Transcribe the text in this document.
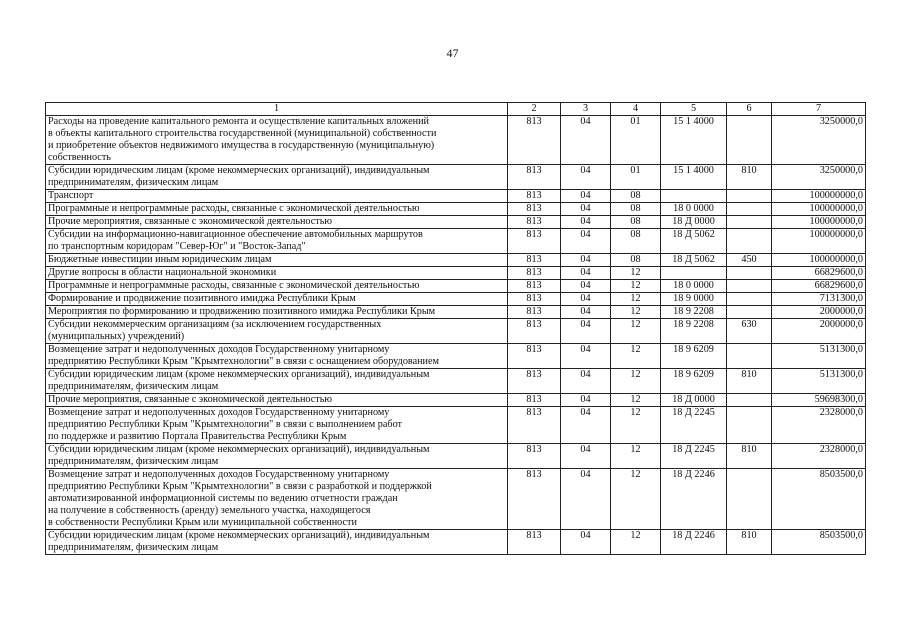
47
1	2	3	4	5	6	7
Расходы на проведение капитального ремонта и осуществление капитальных вложений
в объекты капитального строительства государственной (муниципальной) собственности
и приобретение объектов недвижимого имущества в государственную (муниципальную)
собственность	813	04	01	15 1 4000		3250000,0
Субсидии юридическим лицам (кроме некоммерческих организаций), индивидуальным
предпринимателям, физическим лицам	813	04	01	15 1 4000	810	3250000,0
Транспорт	813	04	08			100000000,0
Программные и непрограммные расходы, связанные с экономической деятельностью	813	04	08	18 0 0000		100000000,0
Прочие мероприятия, связанные с экономической деятельностью	813	04	08	18 Д 0000		100000000,0
Субсидии на информационно-навигационное обеспечение автомобильных маршрутов
по транспортным коридорам "Север-Юг" и "Восток-Запад"	813	04	08	18 Д 5062		100000000,0
Бюджетные инвестиции иным юридическим лицам	813	04	08	18 Д 5062	450	100000000,0
Другие вопросы в области национальной экономики	813	04	12			66829600,0
Программные и непрограммные расходы, связанные с экономической деятельностью	813	04	12	18 0 0000		66829600,0
Формирование и продвижение позитивного имиджа Республики Крым	813	04	12	18 9 0000		7131300,0
Мероприятия по формированию и продвижению позитивного имиджа Республики Крым	813	04	12	18 9 2208		2000000,0
Субсидии некоммерческим организациям (за исключением государственных
(муниципальных) учреждений)	813	04	12	18 9 2208	630	2000000,0
Возмещение затрат и недополученных доходов Государственному унитарному
предприятию Республики Крым "Крымтехнологии" в связи с оснащением оборудованием	813	04	12	18 9 6209		5131300,0
Субсидии юридическим лицам (кроме некоммерческих организаций), индивидуальным
предпринимателям, физическим лицам	813	04	12	18 9 6209	810	5131300,0
Прочие мероприятия, связанные с экономической деятельностью	813	04	12	18 Д 0000		59698300,0
Возмещение затрат и недополученных доходов Государственному унитарному
предприятию Республики Крым "Крымтехнологии" в связи с выполнением работ
по поддержке и развитию Портала Правительства Республики Крым	813	04	12	18 Д 2245		2328000,0
Субсидии юридическим лицам (кроме некоммерческих организаций), индивидуальным
предпринимателям, физическим лицам	813	04	12	18 Д 2245	810	2328000,0
Возмещение затрат и недополученных доходов Государственному унитарному
предприятию Республики Крым "Крымтехнологии" в связи с разработкой и поддержкой
автоматизированной информационной системы по ведению отчетности граждан
на получение в собственность (аренду) земельного участка, находящегося
в собственности Республики Крым или муниципальной собственности	813	04	12	18 Д 2246		8503500,0
Субсидии юридическим лицам (кроме некоммерческих организаций), индивидуальным
предпринимателям, физическим лицам	813	04	12	18 Д 2246	810	8503500,0
